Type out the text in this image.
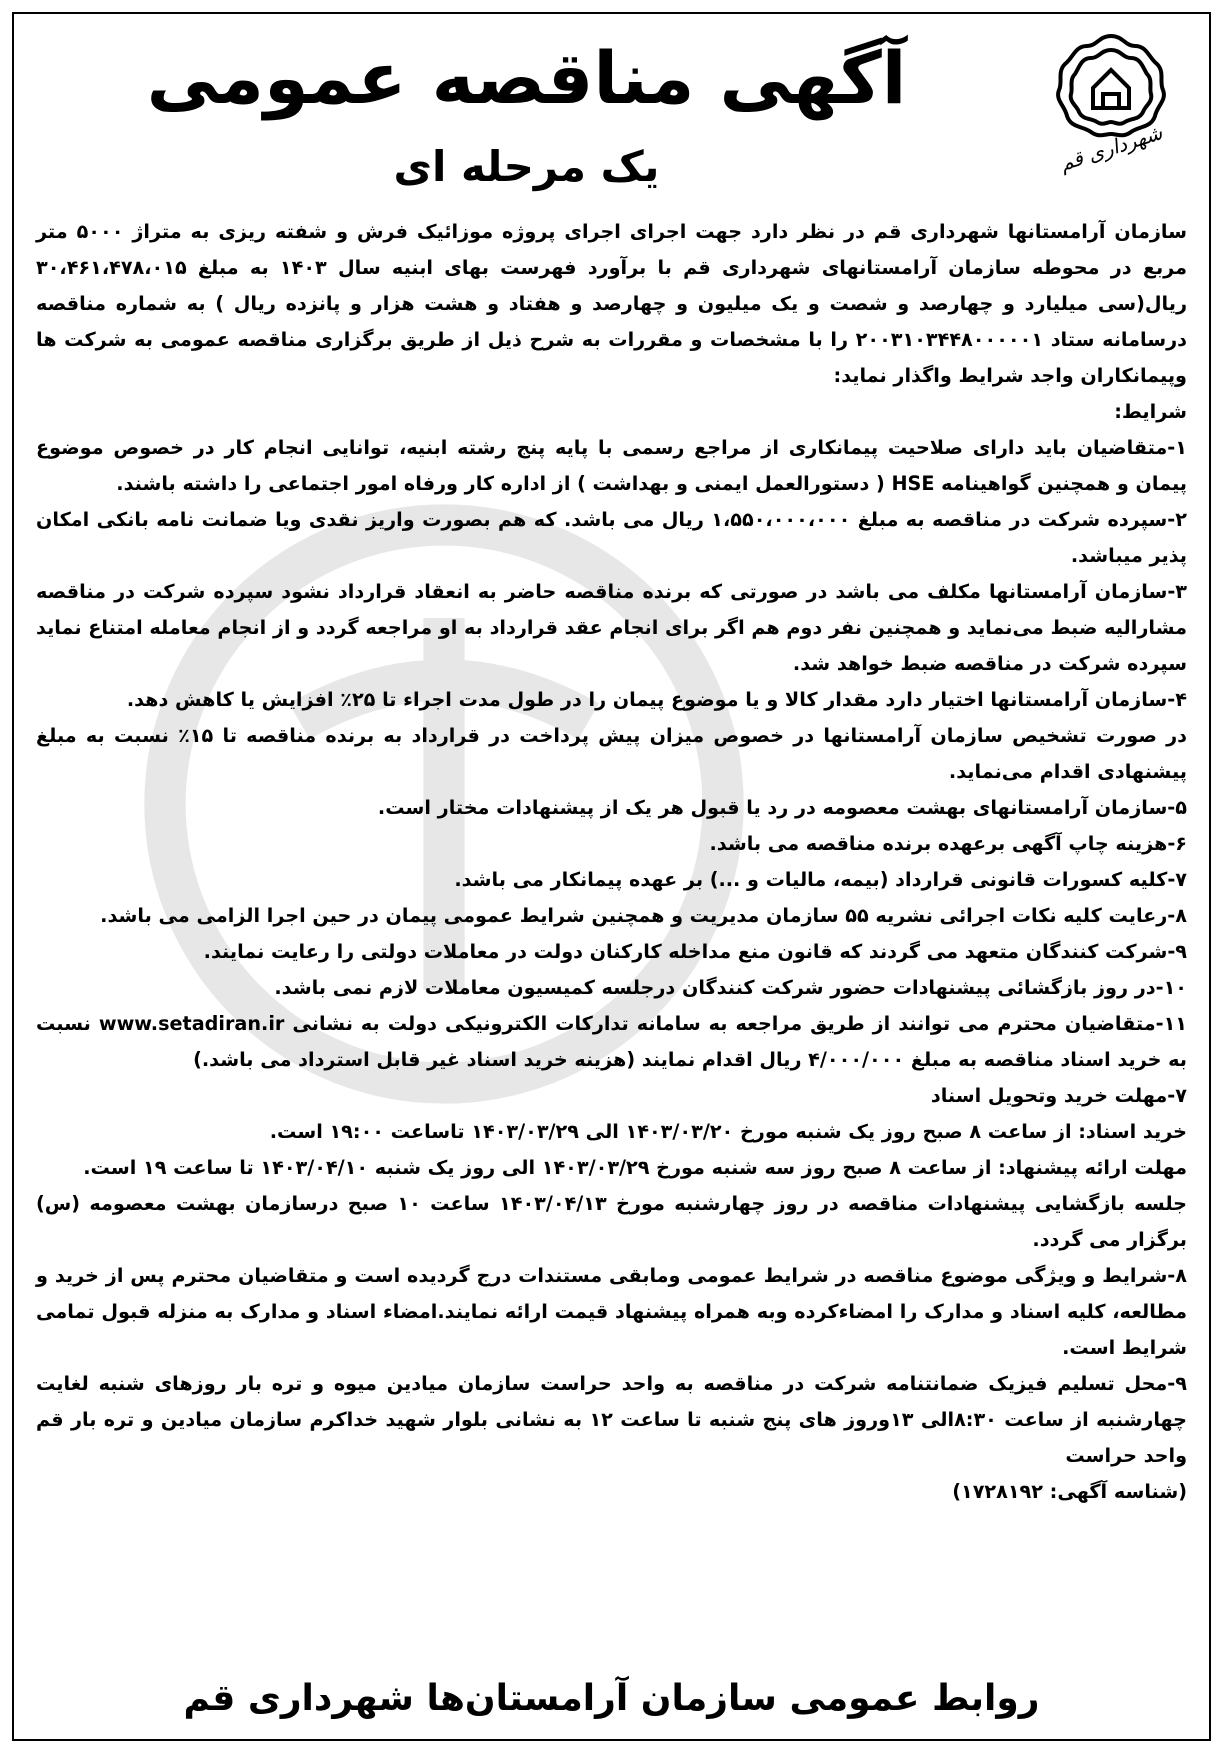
شهرداری قم
آگهی مناقصه عمومی
یک مرحله ای

سازمان آرامستانها شهرداری قم در نظر دارد جهت اجرای اجرای پروژه موزائیک فرش و شفته ریزی به متراژ ۵۰۰۰ متر مربع در محوطه سازمان آرامستانهای شهرداری قم با برآورد فهرست بهای ابنیه سال ۱۴۰۳ به مبلغ ۳۰،۴۶۱،۴۷۸،۰۱۵ ریال(سی میلیارد و چهارصد و شصت و یک میلیون و چهارصد و هفتاد و هشت هزار و پانزده ریال ) به شماره مناقصه درسامانه ستاد ۲۰۰۳۱۰۳۴۴۸۰۰۰۰۰۱ را با مشخصات و مقررات به شرح ذیل از طریق برگزاری مناقصه عمومی به شرکت ها وپیمانکاران واجد شرایط واگذار نماید:

شرایط:

۱-متقاضیان باید دارای صلاحیت پیمانکاری از مراجع رسمی با پایه پنج رشته ابنیه، توانایی انجام کار در خصوص موضوع پیمان و همچنین گواهینامه HSE ( دستورالعمل ایمنی و بهداشت ) از اداره کار ورفاه امور اجتماعی را داشته باشند.

۲-سپرده شرکت در مناقصه به مبلغ ۱،۵۵۰،۰۰۰،۰۰۰ ریال می باشد. که هم بصورت واریز نقدی ویا ضمانت نامه بانکی امکان پذیر میباشد.

۳-سازمان آرامستانها مکلف می باشد در صورتی که برنده مناقصه حاضر به انعقاد قرارداد نشود سپرده شرکت در مناقصه مشارالیه ضبط می‌نماید و همچنین نفر دوم هم اگر برای انجام عقد قرارداد به او مراجعه گردد و از انجام معامله امتناع نماید سپرده شرکت در مناقصه ضبط خواهد شد.

۴-سازمان آرامستانها اختیار دارد مقدار کالا و یا موضوع پیمان را در طول مدت اجراء تا ۲۵٪ افزایش یا کاهش دهد.

در صورت تشخیص سازمان آرامستانها در خصوص میزان پیش پرداخت در قرارداد به برنده مناقصه تا ۱۵٪ نسبت به مبلغ پیشنهادی اقدام می‌نماید.

۵-سازمان آرامستانهای بهشت معصومه در رد یا قبول هر یک از پیشنهادات مختار است.

۶-هزینه چاپ آگهی برعهده برنده مناقصه می باشد.

۷-کلیه کسورات قانونی قرارداد (بیمه، مالیات و ...) بر عهده پیمانکار می باشد.

۸-رعایت کلیه نکات اجرائی نشریه ۵۵ سازمان مدیریت و همچنین شرایط عمومی پیمان در حین اجرا الزامی می باشد.

۹-شرکت کنندگان متعهد می گردند که قانون منع مداخله کارکنان دولت در معاملات دولتی را رعایت نمایند.

۱۰-در روز بازگشائی پیشنهادات حضور شرکت کنندگان درجلسه کمیسیون معاملات لازم نمی باشد.

۱۱-متقاضیان محترم می توانند از طریق مراجعه به سامانه تدارکات الکترونیکی دولت به نشانی www.setadiran.ir نسبت به خرید اسناد مناقصه به مبلغ ۴/۰۰۰/۰۰۰ ریال اقدام نمایند (هزینه خرید اسناد غیر قابل استرداد می باشد.)

۷-مهلت خرید وتحویل اسناد

خرید اسناد: از ساعت ۸ صبح روز یک شنبه مورخ ۱۴۰۳/۰۳/۲۰ الی ۱۴۰۳/۰۳/۲۹ تاساعت ۱۹:۰۰ است.

مهلت ارائه پیشنهاد: از ساعت ۸ صبح روز سه شنبه مورخ ۱۴۰۳/۰۳/۲۹ الی روز یک شنبه ۱۴۰۳/۰۴/۱۰ تا ساعت ۱۹ است.

جلسه بازگشایی پیشنهادات مناقصه در روز چهارشنبه مورخ ۱۴۰۳/۰۴/۱۳ ساعت ۱۰ صبح درسازمان بهشت معصومه (س) برگزار می گردد.

۸-شرایط و ویژگی موضوع مناقصه در شرایط عمومی ومابقی مستندات درج گردیده است و متقاضیان محترم پس از خرید و مطالعه، کلیه اسناد و مدارک را امضاءکرده وبه همراه پیشنهاد قیمت ارائه نمایند.امضاء اسناد و مدارک به منزله قبول تمامی شرایط است.

۹-محل تسلیم فیزیک ضمانتنامه شرکت در مناقصه به واحد حراست سازمان میادین میوه و تره بار روزهای شنبه لغایت چهارشنبه از ساعت ۸:۳۰الی ۱۳وروز های پنج شنبه تا ساعت ۱۲ به نشانی بلوار شهید خداکرم سازمان میادین و تره بار قم واحد حراست

(شناسه آگهی: ۱۷۲۸۱۹۲)

روابط عمومی سازمان آرامستان‌ها شهرداری قم
